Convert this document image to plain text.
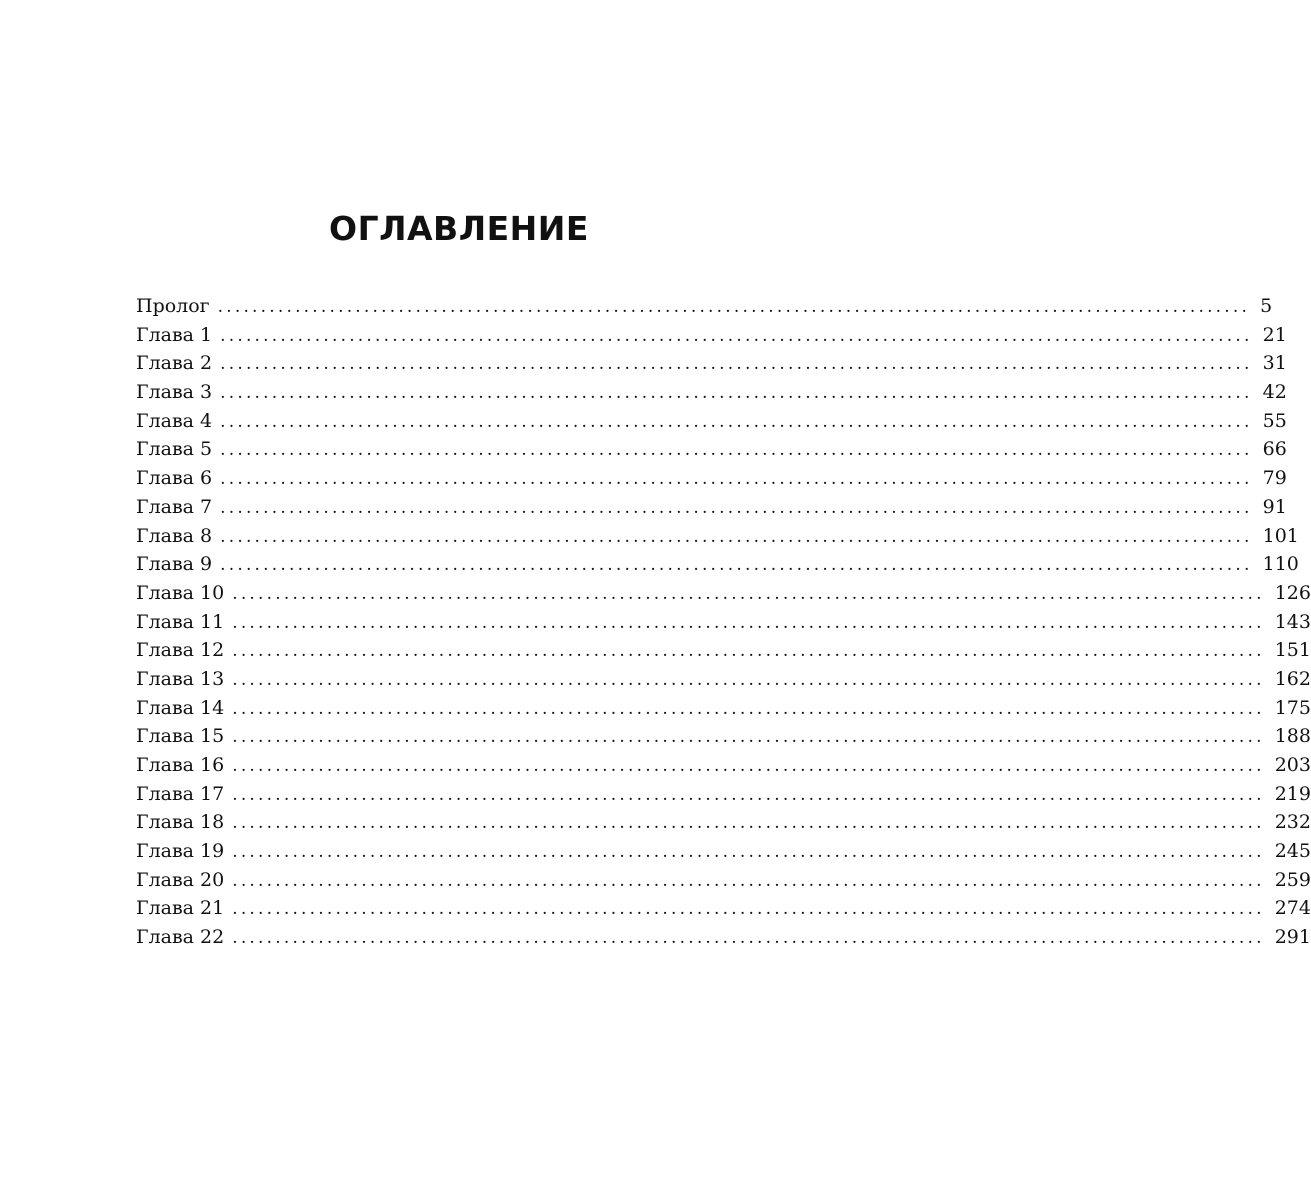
ОГЛАВЛЕНИЕ
Пролог ........................................................................................................................ 5
Глава 1 ........................................................................................................................ 21
Глава 2 ........................................................................................................................ 31
Глава 3 ........................................................................................................................ 42
Глава 4 ........................................................................................................................ 55
Глава 5 ........................................................................................................................ 66
Глава 6 ........................................................................................................................ 79
Глава 7 ........................................................................................................................ 91
Глава 8 ........................................................................................................................ 101
Глава 9 ........................................................................................................................ 110
Глава 10 ........................................................................................................................ 126
Глава 11 ........................................................................................................................ 143
Глава 12 ........................................................................................................................ 151
Глава 13 ........................................................................................................................ 162
Глава 14 ........................................................................................................................ 175
Глава 15 ........................................................................................................................ 188
Глава 16 ........................................................................................................................ 203
Глава 17 ........................................................................................................................ 219
Глава 18 ........................................................................................................................ 232
Глава 19 ........................................................................................................................ 245
Глава 20 ........................................................................................................................ 259
Глава 21 ........................................................................................................................ 274
Глава 22 ........................................................................................................................ 291
